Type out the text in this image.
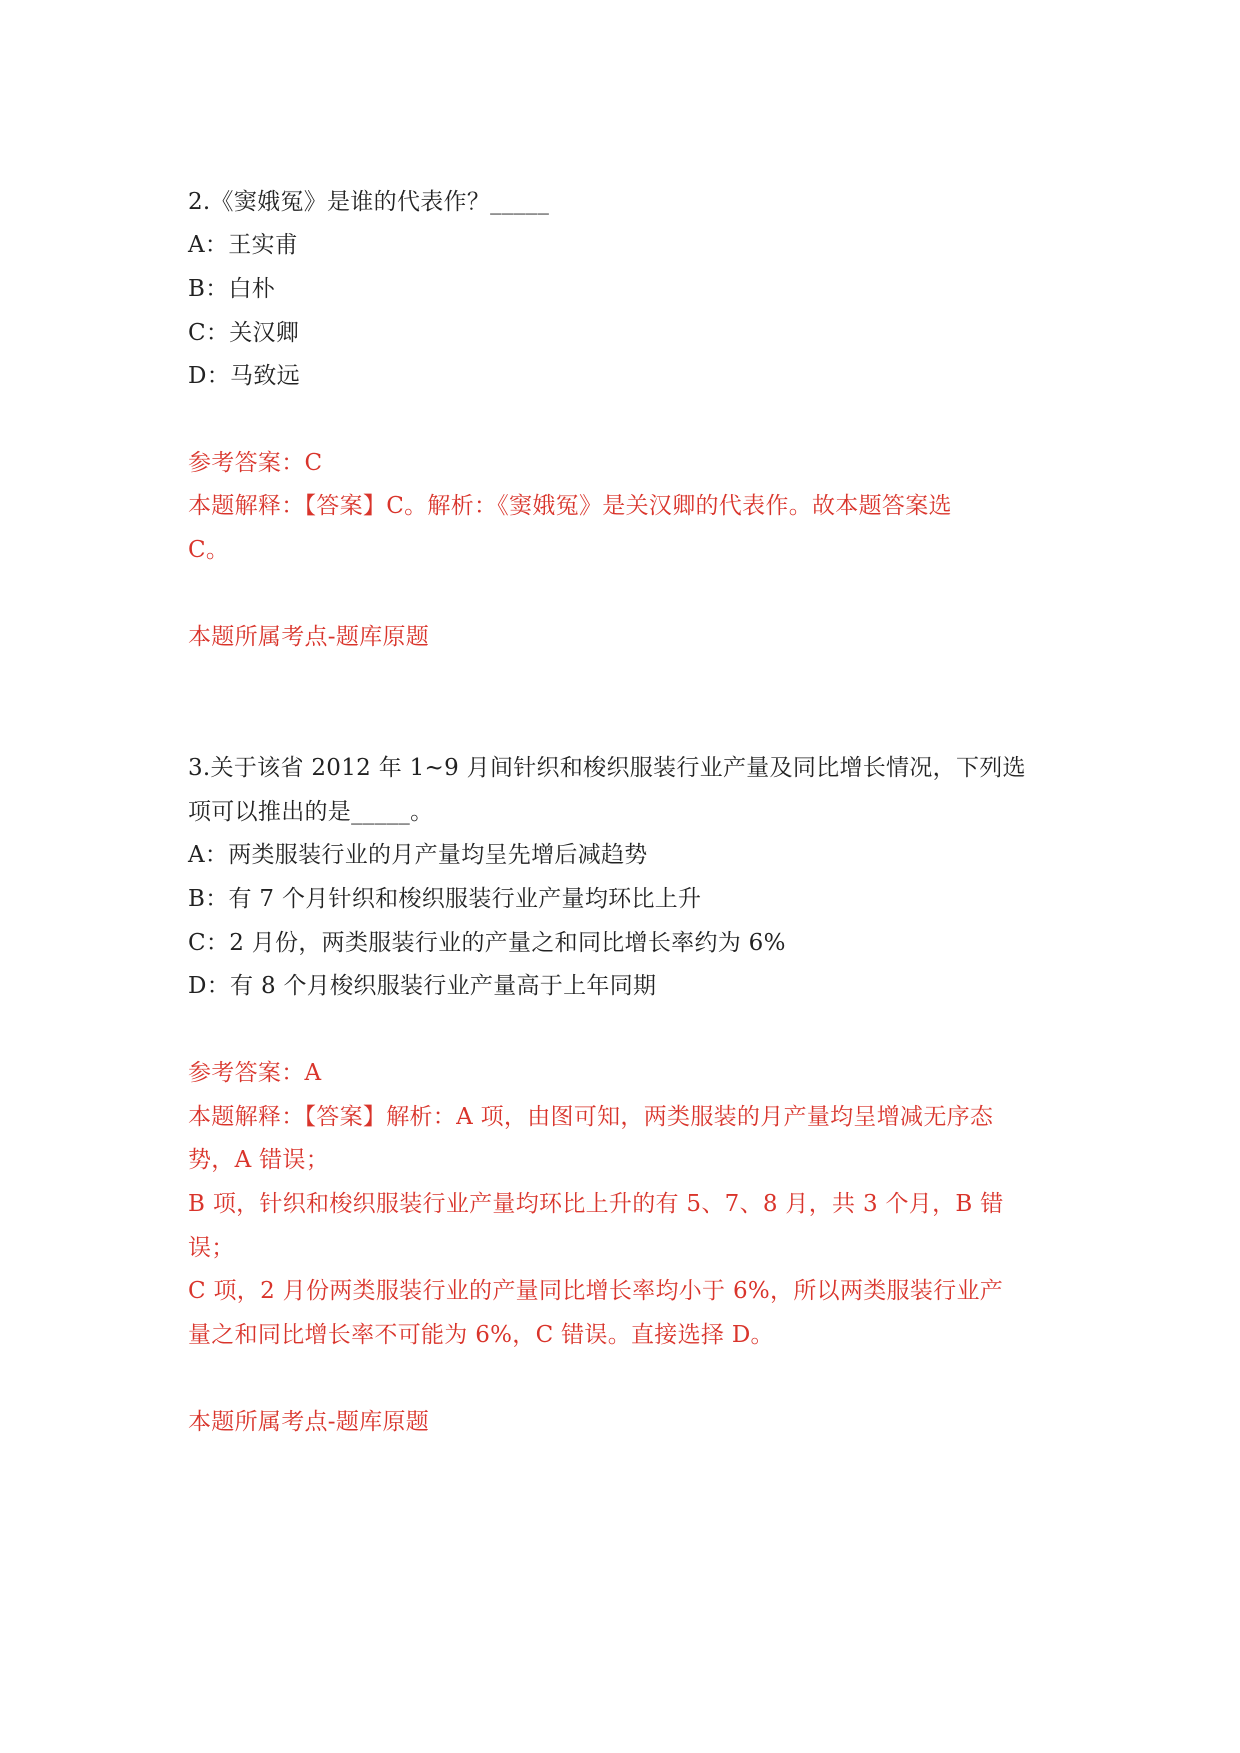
2.《窦娥冤》是谁的代表作？_____
A：王实甫
B：白朴
C：关汉卿
D：马致远
参考答案：C
本题解释：【答案】C。解析：《窦娥冤》是关汉卿的代表作。故本题答案选
C。
本题所属考点-题库原题
3.关于该省 2012 年 1~9 月间针织和梭织服装行业产量及同比增长情况，下列选
项可以推出的是_____。
A：两类服装行业的月产量均呈先增后减趋势
B：有 7 个月针织和梭织服装行业产量均环比上升
C：2 月份，两类服装行业的产量之和同比增长率约为 6%
D：有 8 个月梭织服装行业产量高于上年同期
参考答案：A
本题解释：【答案】解析：A 项，由图可知，两类服装的月产量均呈增减无序态
势，A 错误；
B 项，针织和梭织服装行业产量均环比上升的有 5、7、8 月，共 3 个月，B 错
误；
C 项，2 月份两类服装行业的产量同比增长率均小于 6%，所以两类服装行业产
量之和同比增长率不可能为 6%，C 错误。直接选择 D。
本题所属考点-题库原题
